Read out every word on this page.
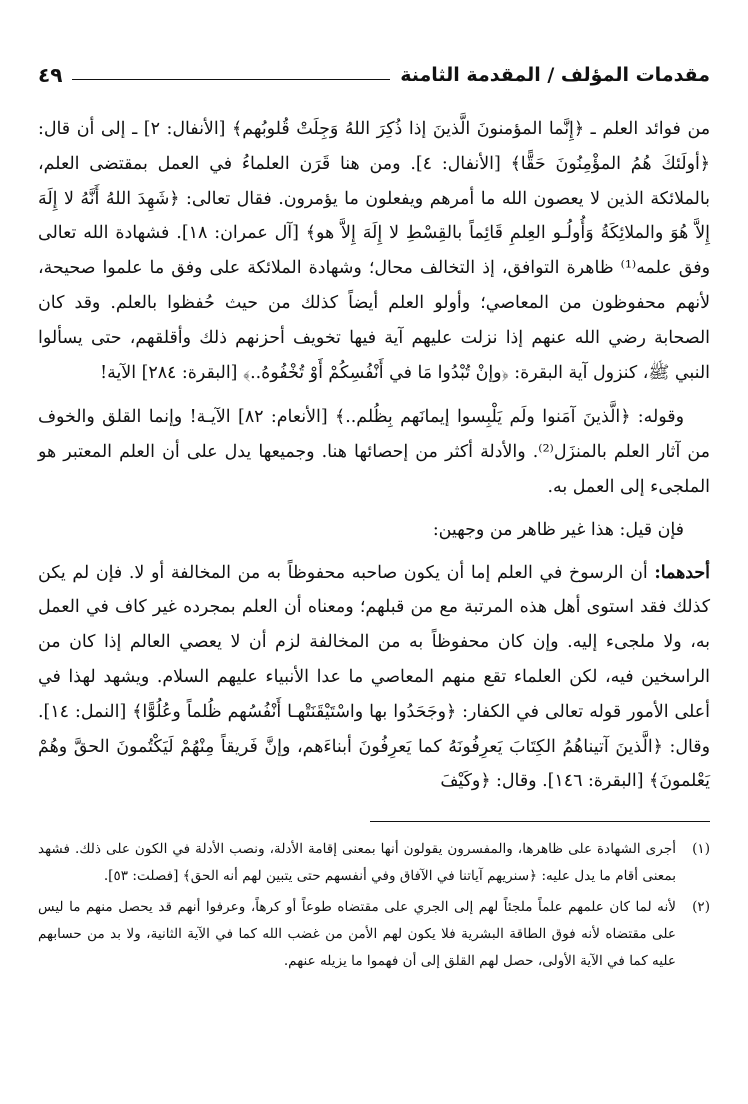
مقدمات المؤلف / المقدمة الثامنة
٤٩

من فوائد العلم ـ ﴿إِنَّما المؤمنونَ الَّذينَ إذا ذُكِرَ اللهُ وَجِلَتْ قُلوبُهم﴾ [الأنفال: ٢] ـ إلى أن قال: ﴿أولَئكَ هُمُ المؤْمِنُونَ حَقًّا﴾ [الأنفال: ٤]. ومن هنا قَرَن العلماءُ في العمل بمقتضى العلم، بالملائكة الذين لا يعصون الله ما أمرهم ويفعلون ما يؤمرون. فقال تعالى: ﴿شَهِدَ اللهُ أَنَّهُ لا إِلَهَ إِلاَّ هُوَ والملائِكَةُ وَأُولُـو العِلمِ قَائِماً بالقِسْطِ لا إِلَهَ إِلاَّ هو﴾ [آل عمران: ١٨]. فشهادة الله تعالى وفق علمه⁽¹⁾ ظاهرة التوافق، إذ التخالف محال؛ وشهادة الملائكة على وفق ما علموا صحيحة، لأنهم محفوظون من المعاصي؛ وأولو العلم أيضاً كذلك من حيث حُفظوا بالعلم. وقد كان الصحابة رضي الله عنهم إذا نزلت عليهم آية فيها تخويف أحزنهم ذلك وأقلقهم، حتى يسألوا النبي ﷺ، كنزول آية البقرة: ﴿وإنْ تُبْدُوا مَا في أَنْفُسِكُمْ أَوْ تُخْفُوهُ..﴾ [البقرة: ٢٨٤] الآية!

وقوله: ﴿الَّذينَ آمَنوا ولَم يَلْبِسوا إيمانَهم بِظُلم..﴾ [الأنعام: ٨٢] الآيـة! وإنما القلق والخوف من آثار العلم بالمنزَل⁽²⁾. والأدلة أكثر من إحصائها هنا. وجميعها يدل على أن العلم المعتبر هو الملجىء إلى العمل به.

فإن قيل: هذا غير ظاهر من وجهين:

أحدهما: أن الرسوخ في العلم إما أن يكون صاحبه محفوظاً به من المخالفة أو لا. فإن لم يكن كذلك فقد استوى أهل هذه المرتبة مع من قبلهم؛ ومعناه أن العلم بمجرده غير كاف في العمل به، ولا ملجىء إليه. وإن كان محفوظاً به من المخالفة لزم أن لا يعصي العالم إذا كان من الراسخين فيه، لكن العلماء تقع منهم المعاصي ما عدا الأنبياء عليهم السلام. ويشهد لهذا في أعلى الأمور قوله تعالى في الكفار: ﴿وجَحَدُوا بها واسْتَيْقَنَتْهـا أَنْفُسُهم ظُلماً وعُلُوًّا﴾ [النمل: ١٤]. وقال: ﴿الَّذينَ آتيناهُمُ الكِتَابَ يَعرِفُونَهُ كما يَعرِفُونَ أبناءَهم، وإنَّ فَريقاً مِنْهُمْ لَيَكْتُمونَ الحقَّ وهُمْ يَعْلمونَ﴾ [البقرة: ١٤٦]. وقال: ﴿وكَيْفَ

(١)
أجرى الشهادة على ظاهرها، والمفسرون يقولون أنها بمعنى إقامة الأدلة، ونصب الأدلة في الكون على ذلك. فشهد بمعنى أقام ما يدل عليه: ﴿سنريهم آياتنا في الآفاق وفي أنفسهم حتى يتبين لهم أنه الحق﴾ [فصلت: ٥٣].
(٢)
لأنه لما كان علمهم علماً ملجئاً لهم إلى الجري على مقتضاه طوعاً أو كرهاً، وعرفوا أنهم قد يحصل منهم ما ليس على مقتضاه لأنه فوق الطاقة البشرية فلا يكون لهم الأمن من غضب الله كما في الآية الثانية، ولا بد من حسابهم عليه كما في الآية الأولى، حصل لهم القلق إلى أن فهموا ما يزيله عنهم.
